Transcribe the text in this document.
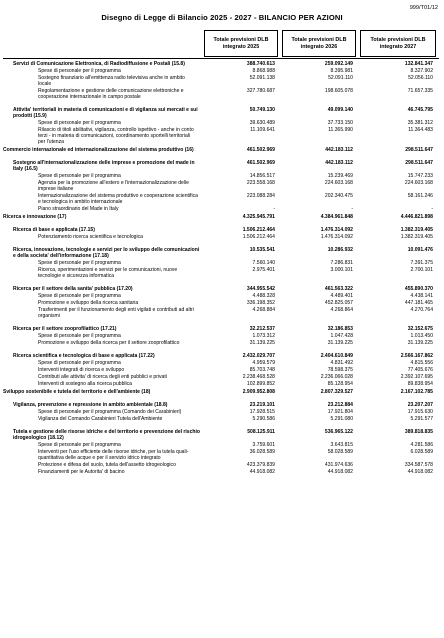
999/T01/12
Disegno di Legge di Bilancio 2025 - 2027 - BILANCIO PER AZIONI
Totale previsioni DLB integrato 2025
Totale previsioni DLB integrato 2026
Totale previsioni DLB integrato 2027
Servizi di Comunicazione Elettronica, di Radiodiffusione e Postali (15.8)	388.740.613	259.092.149	132.841.347
Spese di personale per il programma	8.868.988	8.395.981	8.327.902
Sostegno finanziario all'emittenza radio televisiva anche in ambito locale
52.091.138	52.091.110	52.056.110
Regolamentazione e gestione delle comunicazione elettroniche e cooperazione internazionale in campo postale
327.780.687	198.605.078	71.657.335
Attivita' territoriali in materia di comunicazioni e di vigilanza sui mercati e sui prodotti (15.9)
50.749.130	49.099.140	46.745.795
Spese di personale per il programma	39.630.489	37.733.150	35.381.312
Rilascio di titoli abilitativi, vigilanza, controllo ispettivo - anche in conto terzi - in materia di comunicazioni, coordinamento sportelli territoriali per l'utenza
11.109.641	11.365.990	11.364.483
Commercio internazionale ed internazionalizzazione del sistema produttivo (16)	461.502.969	442.183.112	298.511.647
Sostegno all'internazionalizzazione delle imprese e promozione del made in Italy (16.5)
461.502.969	442.183.112	298.511.647
Spese di personale per il programma	14.856.517	15.239.469	15.747.233
Agenzia per la promozione all'estero e l'internazionalizzazione delle imprese italiane
223.558.168	224.603.168	224.603.168
Internazionalizzazione del sistema produttivo e cooperazione scientifica e tecnologica in ambito internazionale
223.088.284	202.340.475	58.161.246
Piano straordinario del Made in Italy	-	-	-
Ricerca e innovazione (17)	4.325.945.791	4.384.961.848	4.446.821.898
Ricerca di base e applicata (17.15)	1.506.212.464	1.476.314.092	1.382.319.405
Potenziamento ricerca scientifica e tecnologica	1.506.212.464	1.476.314.092	1.382.319.405
Ricerca, innovazione, tecnologie e servizi per lo sviluppo delle comunicazioni e della societa' dell'informazione (17.18)
10.535.541	10.286.932	10.091.476
Spese di personale per il programma	7.560.140	7.286.831	7.391.375
Ricerca, sperimentazioni e servizi per le comunicazioni, nuove tecnologie e sicurezza informatica
2.975.401	3.000.101	2.700.101
Ricerca per il settore della sanita' pubblica (17.20)	344.955.542	461.563.322	455.890.370
Spese di personale per il programma	4.488.328	4.489.401	4.438.141
Promozione e sviluppo della ricerca sanitaria	336.198.352	452.825.057	447.181.465
Trasferimenti per il funzionamento degli enti vigilati e contributi ad altri organismi
4.268.884	4.268.864	4.270.764
Ricerca per il settore zooprofilattico (17.21)	32.212.537	32.186.853	32.152.675
Spese di personale per il programma	1.073.312	1.047.428	1.013.450
Promozione e sviluppo della ricerca per il settore zooprofilattico	31.139.225	31.139.225	31.139.225
Ricerca scientifica e tecnologica di base e applicata (17.22)	2.432.029.707	2.404.610.849	2.566.167.862
Spese di personale per il programma	4.959.579	4.831.492	4.815.556
Interventi integrati di ricerca e sviluppo	85.703.748	78.598.375	77.405.676
Contributi alle attivita' di ricerca degli enti pubblici e privati	2.238.468.528	2.236.066.028	2.392.107.695
Interventi di sostegno alla ricerca pubblica	102.899.852	85.128.954	89.838.954
Sviluppo sostenibile e tutela del territorio e dell'ambiente (18)	2.909.952.808	2.807.329.527	2.167.102.785
Vigilanza, prevenzione e repressione in ambito ambientale (18.8)	23.219.101	23.212.884	23.207.207
Spese di personale per il programma (Comando dei Carabinieri)	17.928.515	17.921.804	17.915.630
Vigilanza del Comando Carabinieri Tutela dell'Ambiente	5.290.586	5.291.080	5.291.577
Tutela e gestione delle risorse idriche e del territorio e prevenzione del rischio idrogeologico (18.12)
508.125.911	536.965.122	389.818.835
Spese di personale per il programma	3.759.601	3.643.815	4.281.586
Interventi per l'uso efficiente delle risorse idriche, per la tutela quali-quantitativa delle acque e per il servizio idrico integrato
36.028.589	58.028.589	6.028.589
Protezione e difesa del suolo, tutela dell'assetto idrogeologico	423.379.839	431.974.636	334.587.578
Finanziamenti per le Autorita' di bacino	44.918.082	44.918.082	44.918.082
